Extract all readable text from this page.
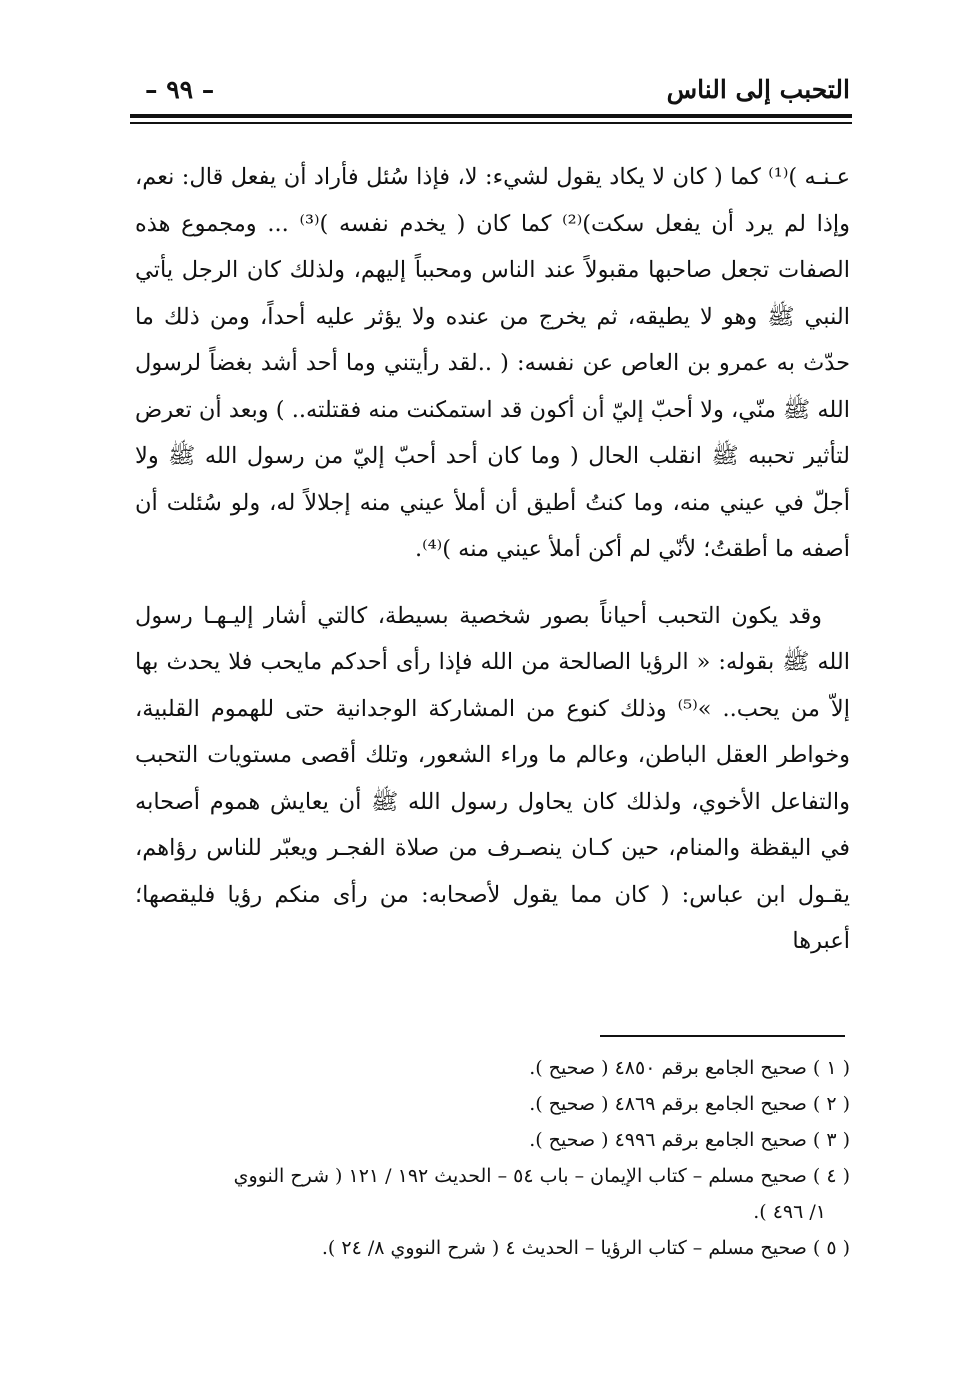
التحبب إلى الناس
– ٩٩ –

عـنـه )⁽¹⁾ كما ( كان لا يكاد يقول لشيء: لا، فإذا سُئل فأراد أن يفعل قال: نعم، وإذا لم يرد أن يفعل سكت)⁽²⁾ كما كان ( يخدم نفسه )⁽³⁾ ... ومجموع هذه الصفات تجعل صاحبها مقبولاً عند الناس ومحبباً إليهم، ولذلك كان الرجل يأتي النبي ﷺ وهو لا يطيقه، ثم يخرج من عنده ولا يؤثر عليه أحداً، ومن ذلك ما حدّث به عمرو بن العاص عن نفسه: ( ..لقد رأيتني وما أحد أشد بغضاً لرسول الله ﷺ منّي، ولا أحبّ إليّ أن أكون قد استمكنت منه فقتلته.. ) وبعد أن تعرض لتأثير تحببه ﷺ انقلب الحال ( وما كان أحد أحبّ إليّ من رسول الله ﷺ ولا أجلّ في عيني منه، وما كنتُ أطيق أن أملأ عيني منه إجلالاً له، ولو سُئلت أن أصفه ما أطقتُ؛ لأنّي لم أكن أملأ عيني منه )⁽⁴⁾.

وقد يكون التحبب أحياناً بصور شخصية بسيطة، كالتي أشار إليـهـا رسول الله ﷺ بقوله: « الرؤيا الصالحة من الله فإذا رأى أحدكم مايحب فلا يحدث بها إلاّ من يحب.. »⁽⁵⁾ وذلك كنوع من المشاركة الوجدانية حتى للهموم القلبية، وخواطر العقل الباطن، وعالم ما وراء الشعور، وتلك أقصى مستويات التحبب والتفاعل الأخوي، ولذلك كان يحاول رسول الله ﷺ أن يعايش هموم أصحابه في اليقظة والمنام، حين كـان ينصـرف من صلاة الفجـر ويعبّر للناس رؤاهم، يقـول ابن عباس: ( كان مما يقول لأصحابه: من رأى منكم رؤيا فليقصها؛ أعبرها

( ١ ) صحيح الجامع برقم ٤٨٥٠ ( صحيح ).
( ٢ ) صحيح الجامع برقم ٤٨٦٩ ( صحيح ).
( ٣ ) صحيح الجامع برقم ٤٩٩٦ ( صحيح ).
( ٤ ) صحيح مسلم – كتاب الإيمان – باب ٥٤ – الحديث ١٩٢ / ١٢١ ( شرح النووي
١/ ٤٩٦ ).
( ٥ ) صحيح مسلم – كتاب الرؤيا – الحديث ٤ ( شرح النووي ٨/ ٢٤ ).
